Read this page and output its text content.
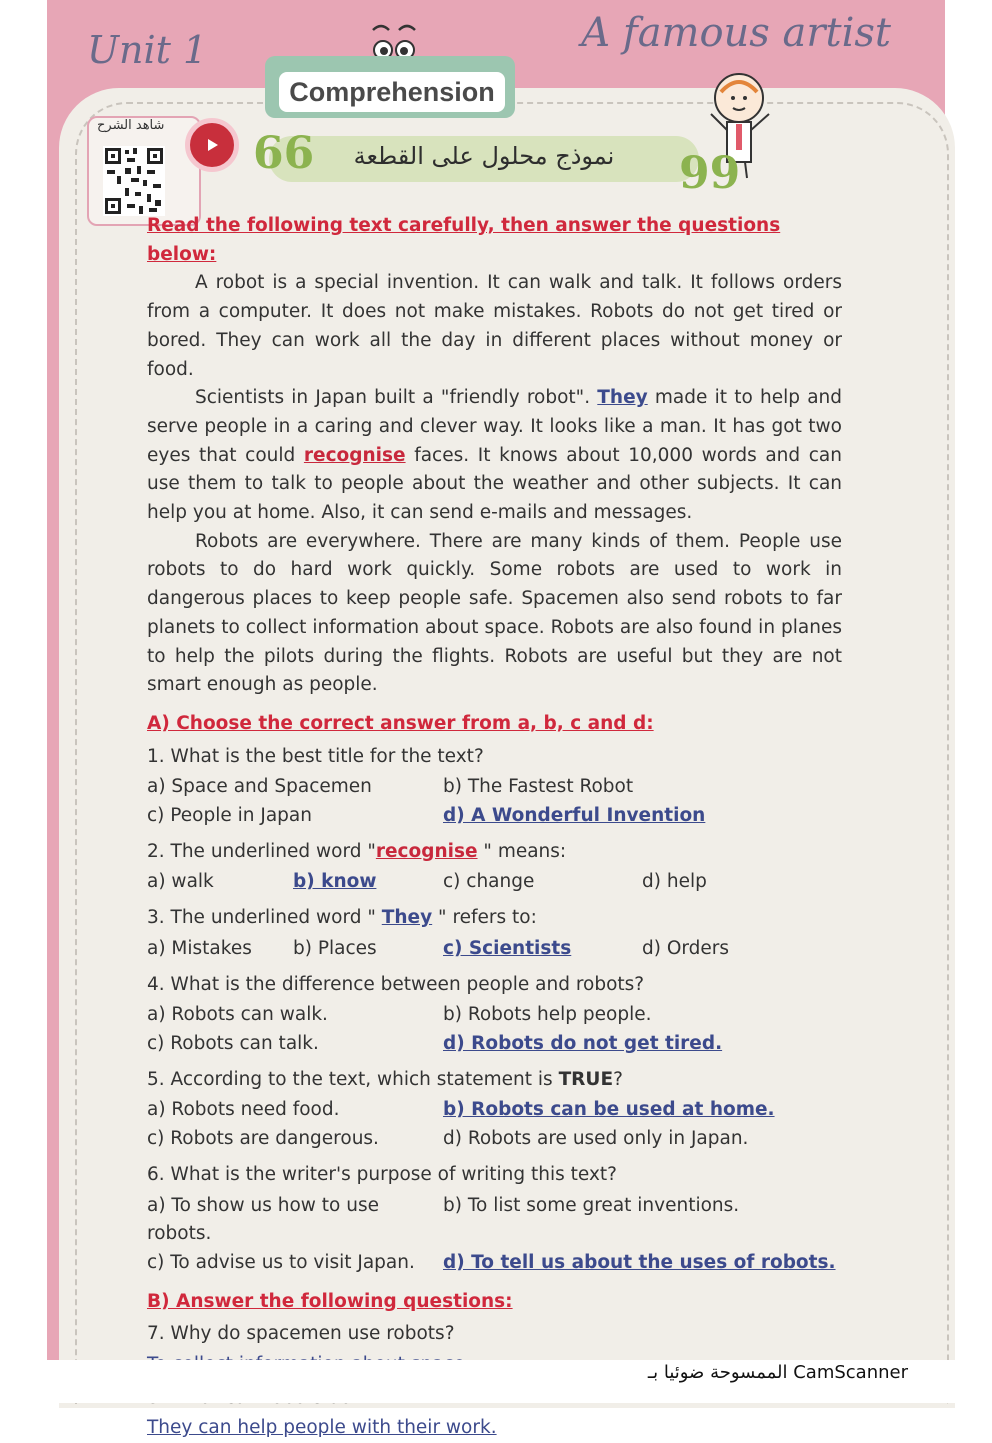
Unit 1	A famous artist
Comprehension
شاهد الشرح
66	نموذج محلول على القطعة	99
Read the following text carefully, then answer the questions below:

A robot is a special invention. It can walk and talk. It follows orders from a computer. It does not make mistakes. Robots do not get tired or bored. They can work all the day in different places without money or food.

Scientists in Japan built a "friendly robot". They made it to help and serve people in a caring and clever way. It looks like a man. It has got two eyes that could recognise faces. It knows about 10,000 words and can use them to talk to people about the weather and other subjects. It can help you at home. Also, it can send e-mails and messages.

Robots are everywhere. There are many kinds of them. People use robots to do hard work quickly. Some robots are used to work in dangerous places to keep people safe. Spacemen also send robots to far planets to collect information about space. Robots are also found in planes to help the pilots during the flights. Robots are useful but they are not smart enough as people.

A) Choose the correct answer from a, b, c and d:
1. What is the best title for the text?
a) Space and Spacemen	b) The Fastest Robot
c) People in Japan	d) A Wonderful Invention
2. The underlined word "recognise " means:
a) walk	b) know	c) change	d) help
3. The underlined word " They " refers to:
a) Mistakes	b) Places	c) Scientists	d) Orders
4. What is the difference between people and robots?
a) Robots can walk.	b) Robots help people.
c) Robots can talk.	d) Robots do not get tired.
5. According to the text, which statement is TRUE?
a) Robots need food.	b) Robots can be used at home.
c) Robots are dangerous.	d) Robots are used only in Japan.
6. What is the writer's purpose of writing this text?
a) To show us how to use robots.
b) To list some great inventions.
c) To advise us to visit Japan.	d) To tell us about the uses of robots.
B) Answer the following questions:
7. Why do spacemen use robots?
They can help people with their work.
الممسوحة ضوئيا بـ CamScanner
